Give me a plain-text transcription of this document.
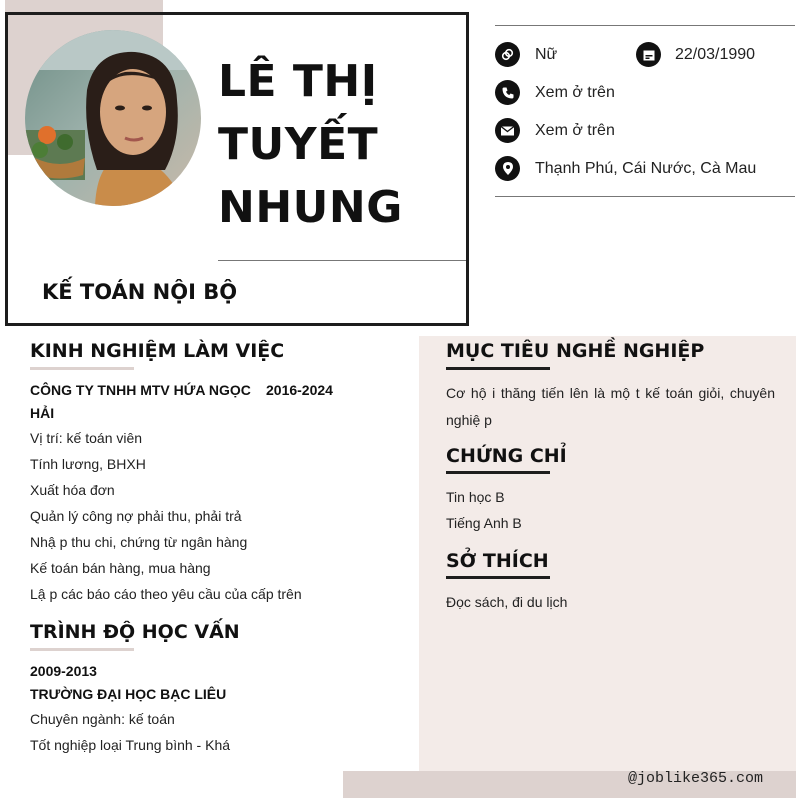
LÊ THỊ
TUYẾT
NHUNG
KẾ TOÁN NỘI BỘ
Nữ	22/03/1990
Xem ở trên
Xem ở trên
Thạnh Phú, Cái Nước, Cà Mau
@joblike365.com
KINH NGHIỆM LÀM VIỆC
CÔNG TY TNHH MTV HỨA NGỌC
HẢI
2016-2024
Vị trí: kế toán viên
Tính lương, BHXH
Xuất hóa đơn
Quản lý công nợ phải thu, phải trả
Nhậ p thu chi, chứng từ ngân hàng
Kế toán bán hàng, mua hàng
Lậ p các báo cáo theo yêu cầu của cấp trên
TRÌNH ĐỘ HỌC VẤN
2009-2013
TRƯỜNG ĐẠI HỌC BẠC LIÊU
Chuyên ngành: kế toán
Tốt nghiệp loại Trung bình - Khá
MỤC TIÊU NGHỀ NGHIỆP
Cơ hộ i thăng tiến lên là mộ t kế toán giỏi, chuyên nghiệ p
CHỨNG CHỈ
Tin học B
Tiếng Anh B
SỞ THÍCH
Đọc sách, đi du lịch
